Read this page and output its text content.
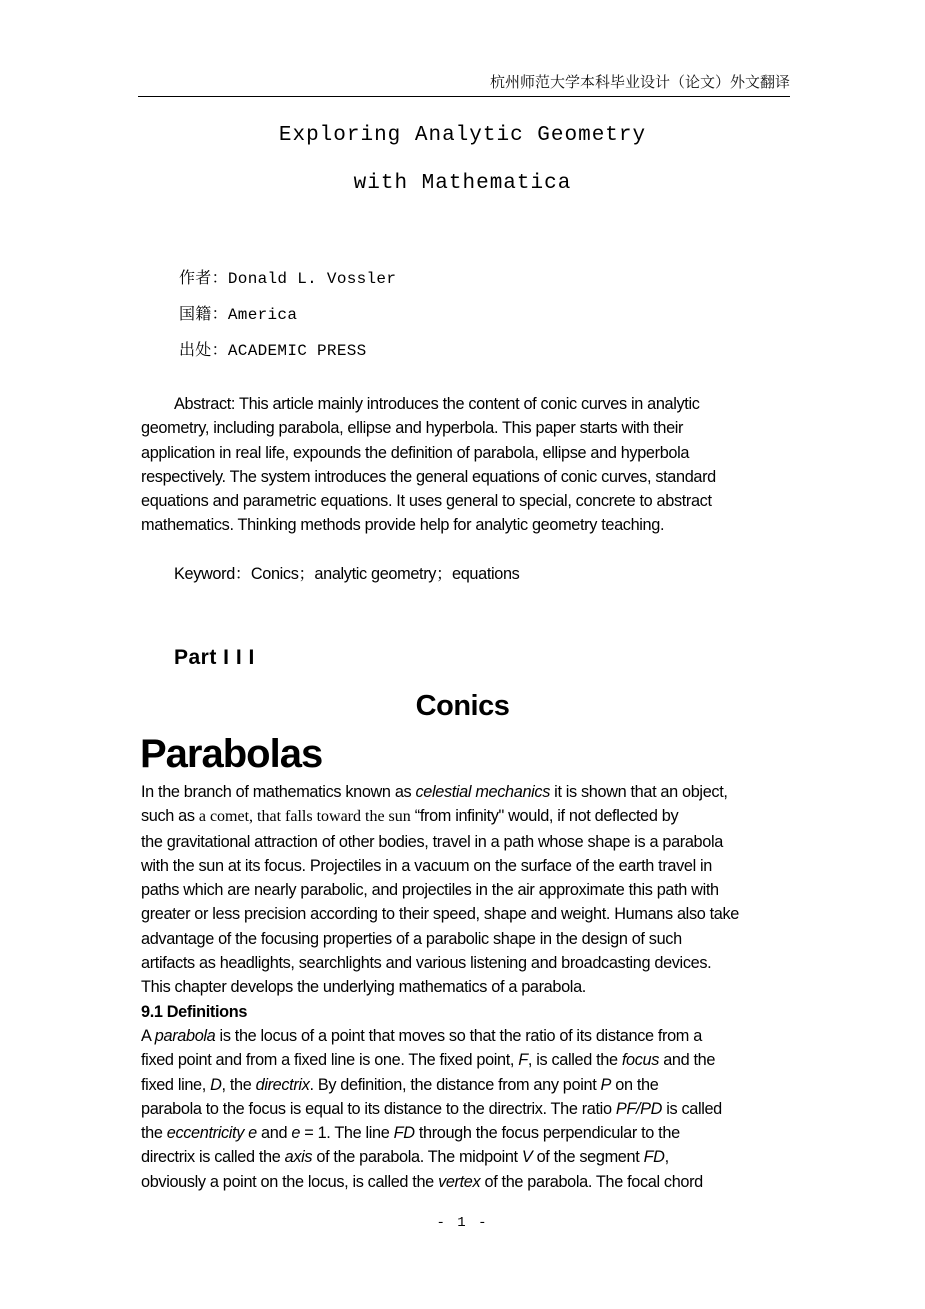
杭州师范大学本科毕业设计（论文）外文翻译
Exploring Analytic Geometry
with Mathematica
作者：Donald L. Vossler
国籍：America
出处：ACADEMIC PRESS
Abstract: This article mainly introduces the content of conic curves in analytic
geometry, including parabola, ellipse and hyperbola. This paper starts with their
application in real life, expounds the definition of parabola, ellipse and hyperbola
respectively. The system introduces the general equations of conic curves, standard
equations and parametric equations. It uses general to special, concrete to abstract
mathematics. Thinking methods provide help for analytic geometry teaching.
Keyword：Conics；analytic geometry；equations
Part I I I
Conics
Parabolas
In the branch of mathematics known as celestial mechanics it is shown that an object,
such as a comet, that falls toward the sun “from infinity" would, if not deflected by
the gravitational attraction of other bodies, travel in a path whose shape is a parabola
with the sun at its focus. Projectiles in a vacuum on the surface of the earth travel in
paths which are nearly parabolic, and projectiles in the air approximate this path with
greater or less precision according to their speed, shape and weight. Humans also take
advantage of the focusing properties of a parabolic shape in the design of such
artifacts as headlights, searchlights and various listening and broadcasting devices.
This chapter develops the underlying mathematics of a parabola.
9.1 Definitions
A parabola is the locus of a point that moves so that the ratio of its distance from a
fixed point and from a fixed line is one. The fixed point, F, is called the focus and the
fixed line, D, the directrix. By definition, the distance from any point P on the
parabola to the focus is equal to its distance to the directrix. The ratio PF/PD is called
the eccentricity e and e = 1. The line FD through the focus perpendicular to the
directrix is called the axis of the parabola. The midpoint V of the segment FD,
obviously a point on the locus, is called the vertex of the parabola. The focal chord
- 1 -
